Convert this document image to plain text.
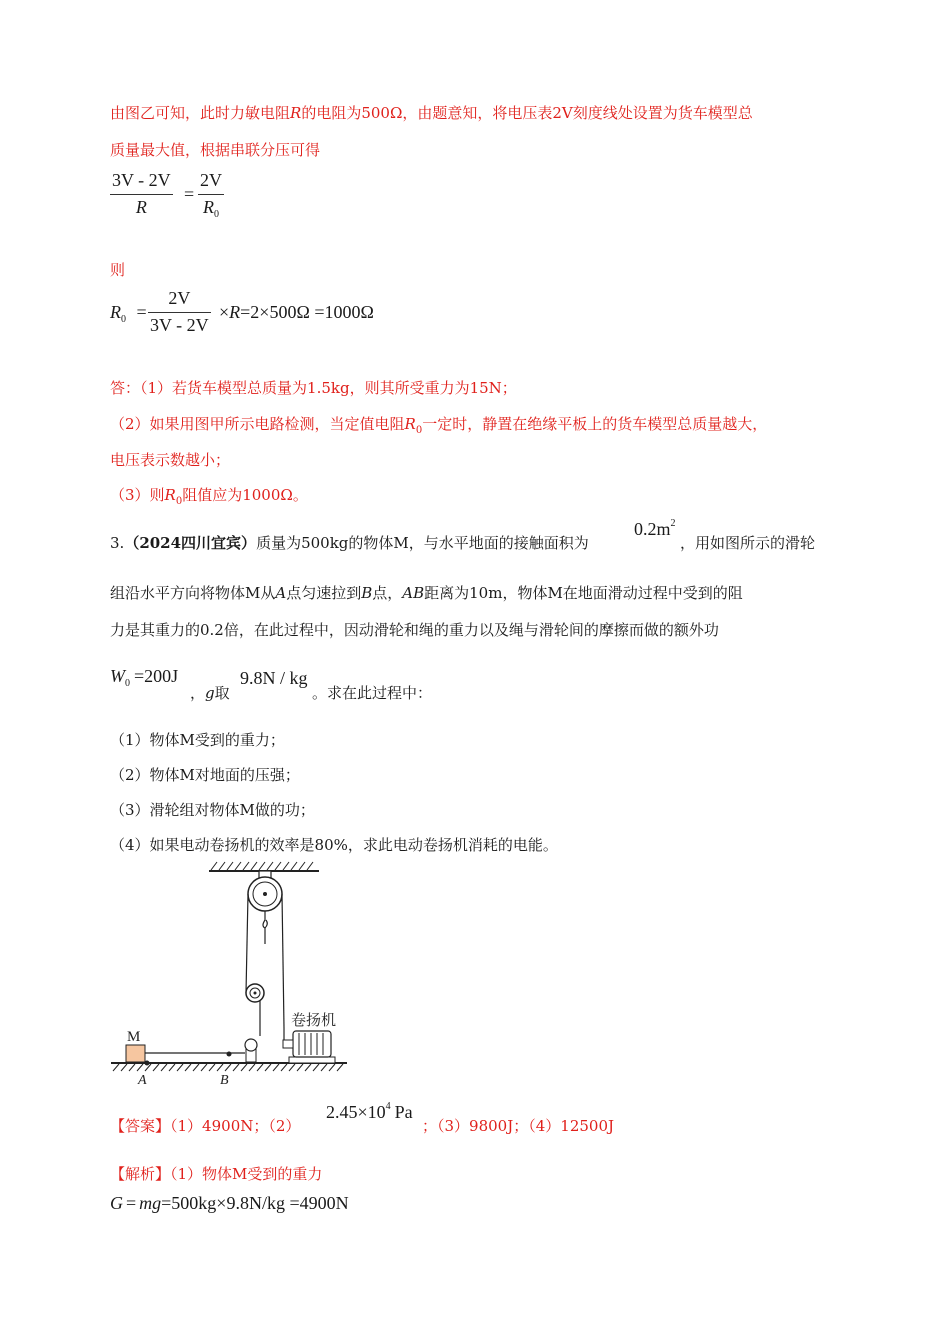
由图乙可知，此时力敏电阻R的电阻为500Ω，由题意知，将电压表2V刻度线处设置为货车模型总
质量最大值，根据串联分压可得
3V - 2V
R
=
2V
$R_0$
则
$R_0$ =
2V
3V - 2V
×R=2×500Ω =1000Ω
答：（1）若货车模型总质量为1.5kg，则其所受重力为15N；
（2）如果用图甲所示电路检测，当定值电阻$R_0$一定时，静置在绝缘平板上的货车模型总质量越大，
电压表示数越小；
（3）则$R_0$阻值应为1000Ω。
3.（2024四川宜宾）质量为500kg的物体M，与水平地面的接触面积为
$0.2m^2$
，用如图所示的滑轮
组沿水平方向将物体M从A点匀速拉到B点，AB距离为10m，物体M在地面滑动过程中受到的阻
力是其重力的0.2倍，在此过程中，因动滑轮和绳的重力以及绳与滑轮间的摩擦而做的额外功
$W_0 =200J$
，g取
9.8N / kg
。求在此过程中：
（1）物体M受到的重力；
（2）物体M对地面的压强；
（3）滑轮组对物体M做的功；
（4）如果电动卷扬机的效率是80%，求此电动卷扬机消耗的电能。
M
A	B
卷扬机
【答案】（1）4900N；（2）
$2.45\times 10^4$ Pa
；（3）9800J；（4）12500J
【解析】（1）物体M受到的重力
G = mg=500kg×9.8N/kg =4900N
